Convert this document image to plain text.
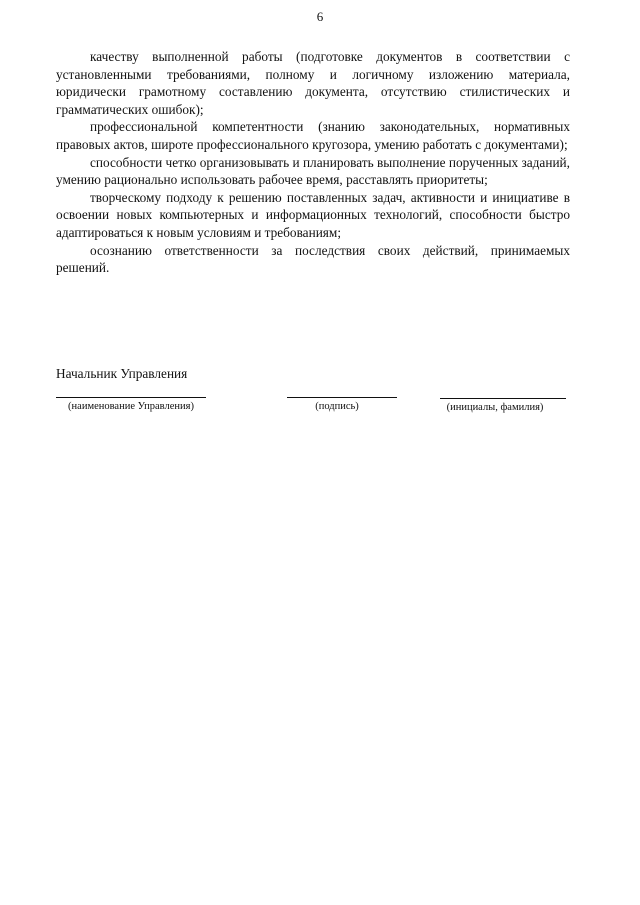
6

качеству выполненной работы (подготовке документов в соответствии с установленными требованиями, полному и логичному изложению материала, юридически грамотному составлению документа, отсутствию стилистических и грамматических ошибок);

профессиональной компетентности (знанию законодательных, нормативных правовых актов, широте профессионального кругозора, умению работать с документами);

способности четко организовывать и планировать выполнение порученных заданий, умению рационально использовать рабочее время, расставлять приоритеты;

творческому подходу к решению поставленных задач, активности и инициативе в освоении новых компьютерных и информационных технологий, способности быстро адаптироваться к новым условиям и требованиям;

осознанию ответственности за последствия своих действий, принимаемых решений.

Начальник Управления
(наименование Управления)	(подпись)	(инициалы, фамилия)
